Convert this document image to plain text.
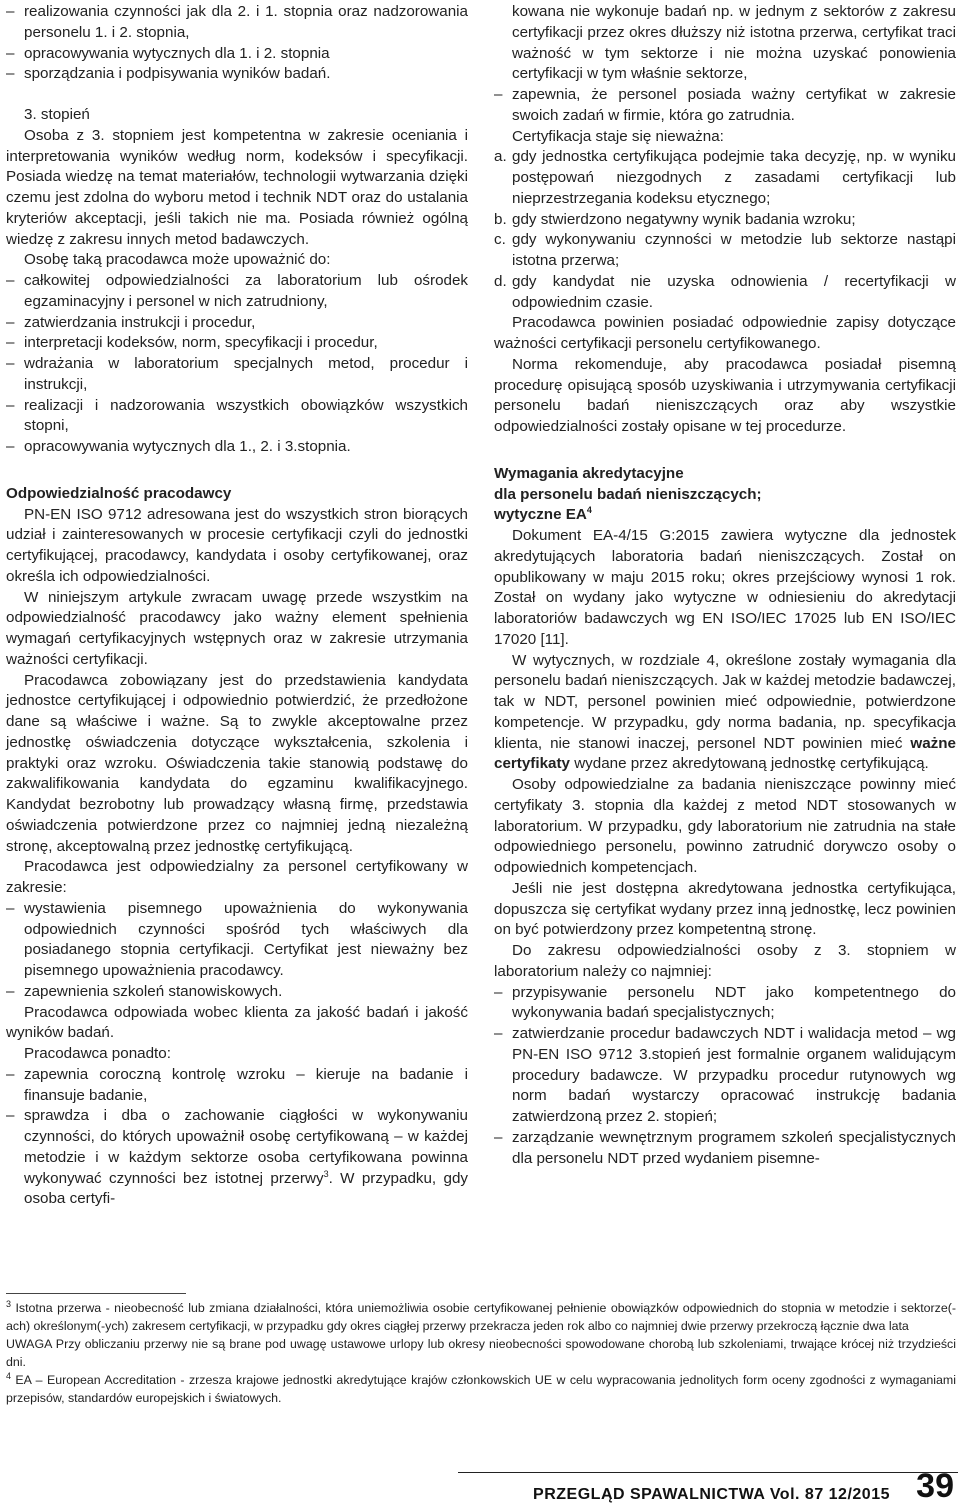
– realizowania czynności jak dla 2. i 1. stopnia oraz nadzorowania personelu 1. i 2. stopnia,
– opracowywania wytycznych dla 1. i 2. stopnia
– sporządzania i podpisywania wyników badań.

3. stopień

Osoba z 3. stopniem jest kompetentna w zakresie oceniania i interpretowania wyników według norm, kodeksów i specyfikacji. Posiada wiedzę na temat materiałów, technologii wytwarzania dzięki czemu jest zdolna do wyboru metod i technik NDT oraz do ustalania kryteriów akceptacji, jeśli takich nie ma. Posiada również ogólną wiedzę z zakresu innych metod badawczych.

Osobę taką pracodawca może upoważnić do:

– całkowitej odpowiedzialności za laboratorium lub ośrodek egzaminacyjny i personel w nich zatrudniony,
– zatwierdzania instrukcji i procedur,
– interpretacji kodeksów, norm, specyfikacji i procedur,
– wdrażania w laboratorium specjalnych metod, procedur i instrukcji,
– realizacji i nadzorowania wszystkich obowiązków wszystkich stopni,
– opracowywania wytycznych dla 1., 2. i 3.stopnia.
Odpowiedzialność pracodawcy

PN-EN ISO 9712 adresowana jest do wszystkich stron biorących udział i zainteresowanych w procesie certyfikacji czyli do jednostki certyfikującej, pracodawcy, kandydata i osoby certyfikowanej, oraz określa ich odpowiedzialności.

W niniejszym artykule zwracam uwagę przede wszystkim na odpowiedzialność pracodawcy jako ważny element spełnienia wymagań certyfikacyjnych wstępnych oraz w zakresie utrzymania ważności certyfikacji.

Pracodawca zobowiązany jest do przedstawienia kandydata jednostce certyfikującej i odpowiednio potwierdzić, że przedłożone dane są właściwe i ważne. Są to zwykle akceptowalne przez jednostkę oświadczenia dotyczące wykształcenia, szkolenia i praktyki oraz wzroku. Oświadczenia takie stanowią podstawę do zakwalifikowania kandydata do egzaminu kwalifikacyjnego. Kandydat bezrobotny lub prowadzący własną firmę, przedstawia oświadczenia potwierdzone przez co najmniej jedną niezależną stronę, akceptowalną przez jednostkę certyfikującą.

Pracodawca jest odpowiedzialny za personel certyfikowany w zakresie:

– wystawienia pisemnego upoważnienia do wykonywania odpowiednich czynności spośród tych właściwych dla posiadanego stopnia certyfikacji. Certyfikat jest nieważny bez pisemnego upoważnienia pracodawcy.
– zapewnienia szkoleń stanowiskowych.

Pracodawca odpowiada wobec klienta za jakość badań i jakość wyników badań.

Pracodawca ponadto:

– zapewnia coroczną kontrolę wzroku – kieruje na badanie i finansuje badanie,
– sprawdza i dba o zachowanie ciągłości w wykonywaniu czynności, do których upoważnił osobę certyfikowaną – w każdej metodzie i w każdym sektorze osoba certyfikowana powinna wykonywać czynności bez istotnej przerwy$^3$. W przypadku, gdy osoba certyfi-

kowana nie wykonuje badań np. w jednym z sektorów z zakresu certyfikacji przez okres dłuższy niż istotna przerwa, certyfikat traci ważność w tym sektorze i nie można uzyskać ponowienia certyfikacji w tym właśnie sektorze,

– zapewnia, że personel posiada ważny certyfikat w zakresie swoich zadań w firmie, która go zatrudnia.

Certyfikacja staje się nieważna:

a. gdy jednostka certyfikująca podejmie taka decyzję, np. w wyniku postępowań niezgodnych z zasadami certyfikacji lub nieprzestrzegania kodeksu etycznego;
b. gdy stwierdzono negatywny wynik badania wzroku;
c. gdy wykonywaniu czynności w metodzie lub sektorze nastąpi istotna przerwa;
d. gdy kandydat nie uzyska odnowienia / recertyfikacji w odpowiednim czasie.

Pracodawca powinien posiadać odpowiednie zapisy dotyczące ważności certyfikacji personelu certyfikowanego.

Norma rekomenduje, aby pracodawca posiadał pisemną procedurę opisującą sposób uzyskiwania i utrzymywania certyfikacji personelu badań nieniszczących oraz aby wszystkie odpowiedzialności zostały opisane w tej procedurze.

Wymagania akredytacyjne
dla personelu badań nieniszczących;
wytyczne $EA^4$

Dokument EA-4/15 G:2015 zawiera wytyczne dla jednostek akredytujących laboratoria badań nieniszczących. Został on opublikowany w maju 2015 roku; okres przejściowy wynosi 1 rok. Został on wydany jako wytyczne w odniesieniu do akredytacji laboratoriów badawczych wg EN ISO/IEC 17025 lub EN ISO/IEC 17020 [11].

W wytycznych, w rozdziale 4, określone zostały wymagania dla personelu badań nieniszczących. Jak w każdej metodzie badawczej, tak w NDT, personel powinien mieć odpowiednie, potwierdzone kompetencje. W przypadku, gdy norma badania, np. specyfikacja klienta, nie stanowi inaczej, personel NDT powinien mieć ważne certyfikaty wydane przez akredytowaną jednostkę certyfikującą.

Osoby odpowiedzialne za badania nieniszczące powinny mieć certyfikaty 3. stopnia dla każdej z metod NDT stosowanych w laboratorium. W przypadku, gdy laboratorium nie zatrudnia na stałe odpowiedniego personelu, powinno zatrudnić dorywczo osoby o odpowiednich kompetencjach.

Jeśli nie jest dostępna akredytowana jednostka certyfikująca, dopuszcza się certyfikat wydany przez inną jednostkę, lecz powinien on być potwierdzony przez kompetentną stronę.

Do zakresu odpowiedzialności osoby z 3. stopniem w laboratorium należy co najmniej:

– przypisywanie personelu NDT jako kompetentnego do wykonywania badań specjalistycznych;
– zatwierdzanie procedur badawczych NDT i walidacja metod – wg PN-EN ISO 9712 3.stopień jest formalnie organem walidującym procedury badawcze. W przypadku procedur rutynowych wg norm badań wystarczy opracować instrukcję badania zatwierdzoną przez 2. stopień;
– zarządzanie wewnętrznym programem szkoleń specjalistycznych dla personelu NDT przed wydaniem pisemne-

$^3$ Istotna przerwa - nieobecność lub zmiana działalności, która uniemożliwia osobie certyfikowanej pełnienie obowiązków odpowiednich do stopnia w metodzie i sektorze(-ach) określonym(-ych) zakresem certyfikacji, w przypadku gdy okres ciągłej przerwy przekracza jeden rok albo co najmniej dwie przerwy przekroczą łącznie dwa lata

UWAGA Przy obliczaniu przerwy nie są brane pod uwagę ustawowe urlopy lub okresy nieobecności spowodowane chorobą lub szkoleniami, trwające krócej niż trzydzieści dni.

$^4$ EA – European Accreditation - zrzesza krajowe jednostki akredytujące krajów członkowskich UE w celu wypracowania jednolitych form oceny zgodności z wymaganiami przepisów, standardów europejskich i światowych.

PRZEGLĄD SPAWALNICTWA Vol. 87 12/2015 39
